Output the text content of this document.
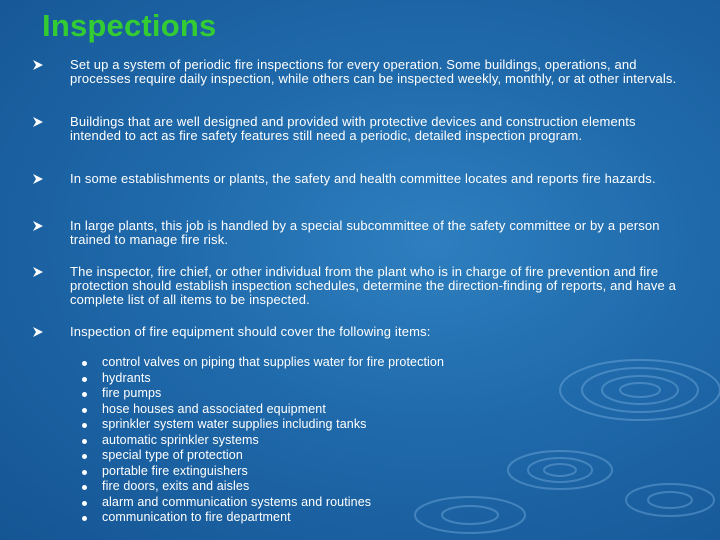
Inspections
Set up a system of periodic fire inspections for every operation. Some buildings, operations, and processes require daily inspection, while others can be inspected weekly, monthly, or at other intervals.
Buildings that are well designed and provided with protective devices and construction elements intended to act as fire safety features still need a periodic, detailed inspection program.
In some establishments or plants, the safety and health committee locates and reports fire hazards.
In large plants, this job is handled by a special subcommittee of the safety committee or by a person trained to manage fire risk.
The inspector, fire chief, or other individual from the plant who is in charge of fire prevention and fire protection should establish inspection schedules, determine the direction-finding of reports, and have a complete list of all items to be inspected.
Inspection of fire equipment should cover the following items:
control valves on piping that supplies water for fire protection
hydrants
fire pumps
hose houses and associated equipment
sprinkler system water supplies including tanks
automatic sprinkler systems
special type of protection
portable fire extinguishers
fire doors, exits and aisles
alarm and communication systems and routines
communication to fire department
